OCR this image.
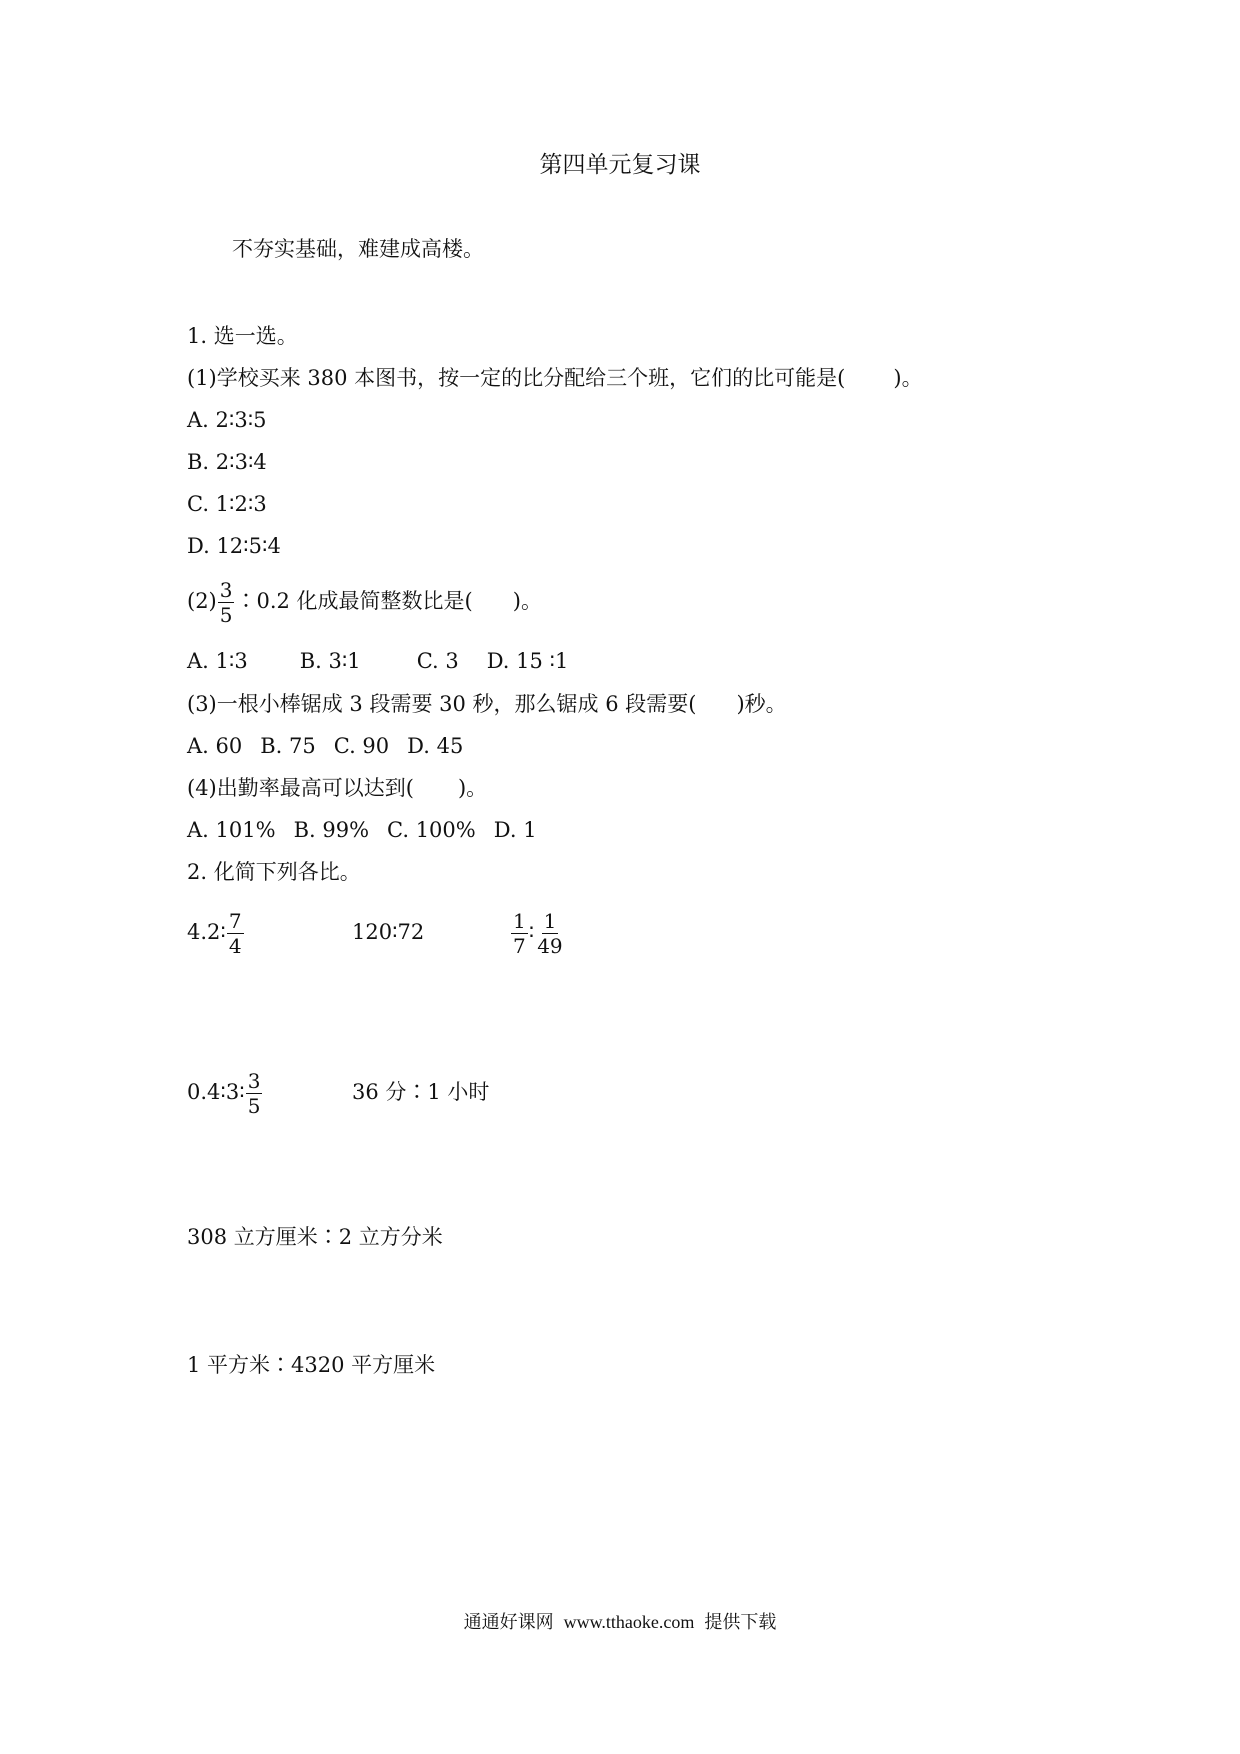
第四单元复习课
不夯实基础，难建成高楼。
1. 选一选。
(1)学校买来 380 本图书，按一定的比分配给三个班，它们的比可能是( )。
A. 2∶3∶5
B. 2∶3∶4
C. 1∶2∶3
D. 12∶5∶4
$(2) \frac{3}{5}$ ∶0.2 化成最简整数比是( )。
A. 1∶3 B. 3∶1	C. 3 D. 15 ∶1
(3)一根小棒锯成 3 段需要 30 秒，那么锯成 6 段需要( )秒。
A. 60 B. 75 C. 90 D. 45
(4)出勤率最高可以达到( )。
A. 101% B. 99% C. 100% D. 1
2. 化简下列各比。
4.2∶ $\frac{7}{4}$	120∶72	$\frac{1}{7}$ ∶ $\frac{1}{49}$
0.4∶3∶ $\frac{3}{5}$	36 分∶1 小时
308 立方厘米∶2 立方分米
1 平方米∶4320 平方厘米
通通好课网 www.tthaoke.com 提供下载
